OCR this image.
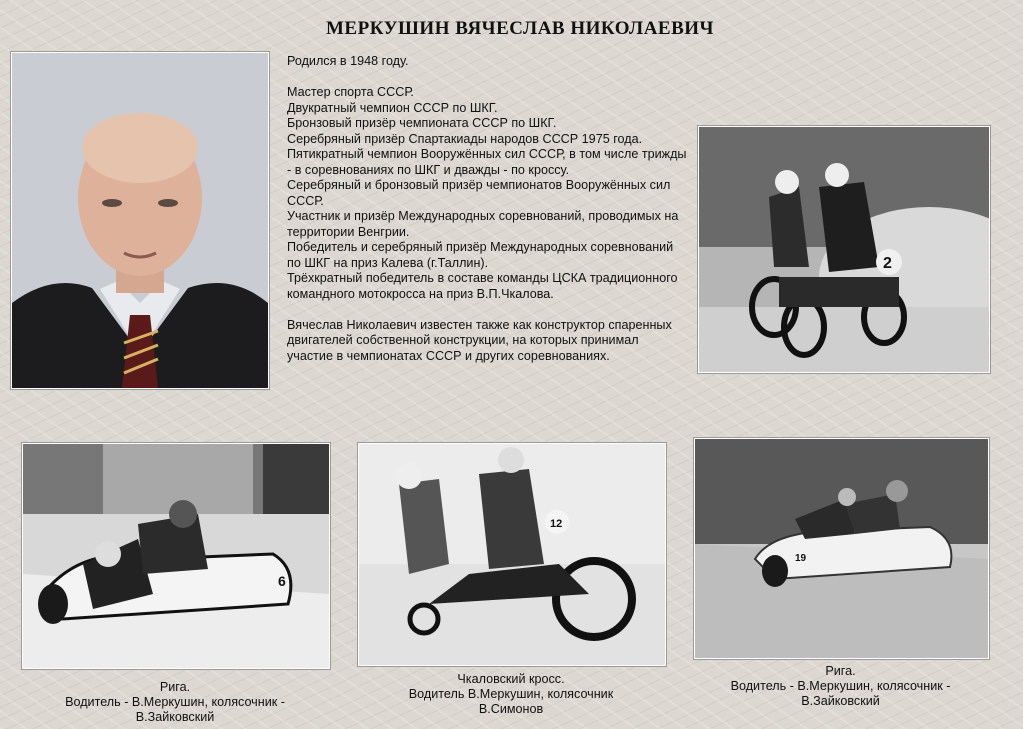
МЕРКУШИН ВЯЧЕСЛАВ НИКОЛАЕВИЧ
Родился в 1948 году.

Мастер спорта СССР.
Двукратный чемпион СССР по ШКГ.
Бронзовый призёр чемпионата СССР по ШКГ.
Серебряный призёр Спартакиады народов СССР 1975 года.
Пятикратный чемпион Вооружённых сил СССР, в том числе трижды - в соревнованиях по ШКГ и дважды - по кроссу.
Серебряный и бронзовый призёр чемпионатов Вооружённых сил СССР.
Участник и призёр Международных соревнований, проводимых на территории Венгрии.
Победитель и серебряный призёр Международных соревнований по ШКГ на приз Калева (г.Таллин).
Трёхкратный победитель в составе команды ЦСКА традиционного командного мотокросса на приз В.П.Чкалова.

Вячеслав Николаевич известен также как конструктор спаренных двигателей собственной конструкции, на которых принимал участие в чемпионатах СССР и других соревнованиях.
2
6
12
19
Рига.
Водитель - В.Меркушин, колясочник -
В.Зайковский
Чкаловский кросс.
Водитель В.Меркушин, колясочник
В.Симонов
Рига.
Водитель - В.Меркушин, колясочник -
В.Зайковский
